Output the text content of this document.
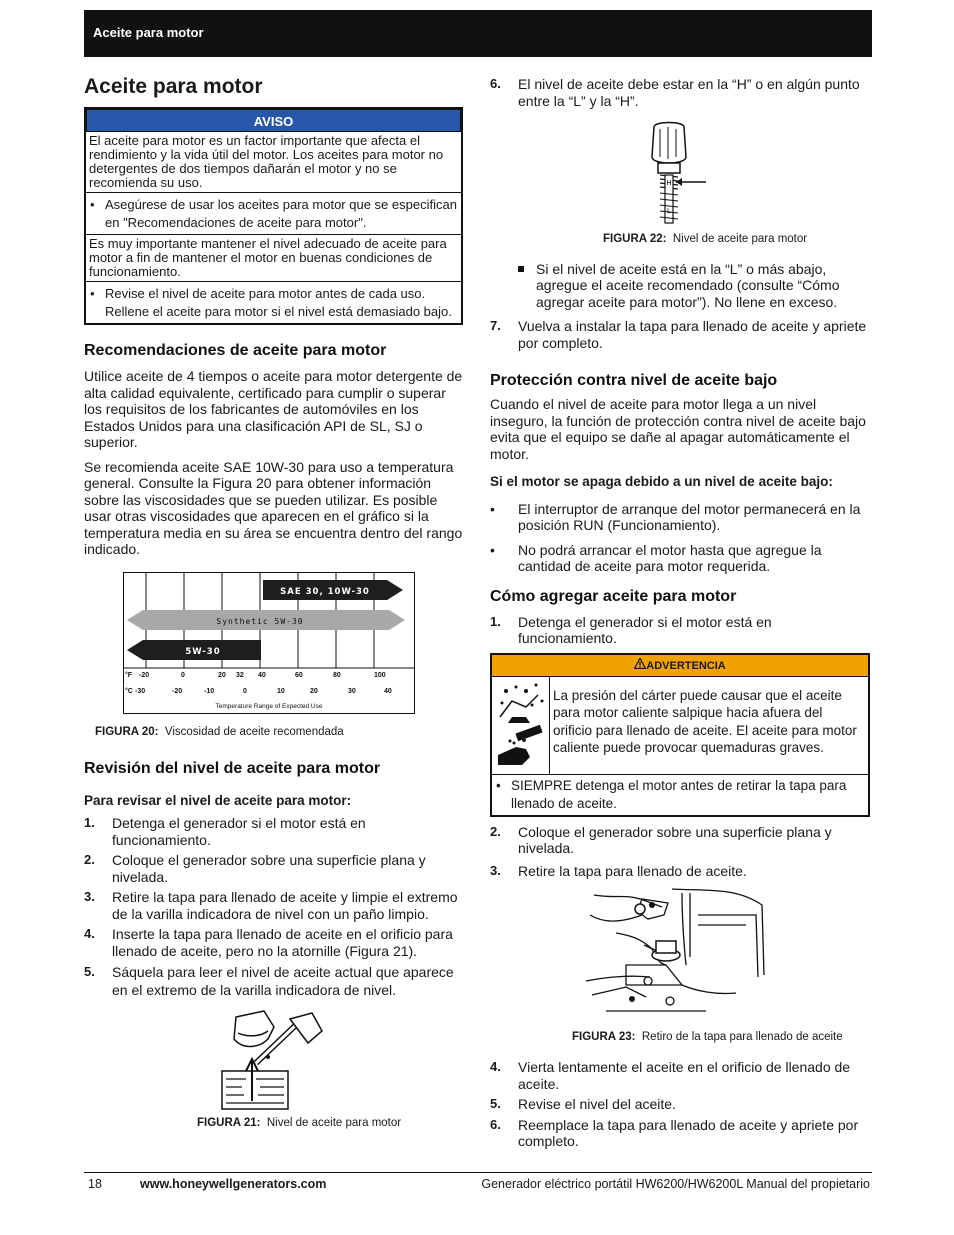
Aceite para motor
Aceite para motor
AVISO
El aceite para motor es un factor importante que afecta el rendimiento y la vida útil del motor. Los aceites para motor no detergentes de dos tiempos dañarán el motor y no se recomienda su uso.
• Asegúrese de usar los aceites para motor que se especifican en "Recomendaciones de aceite para motor".
Es muy importante mantener el nivel adecuado de aceite para motor a fin de mantener el motor en buenas condiciones de funcionamiento.
• Revise el nivel de aceite para motor antes de cada uso. Rellene el aceite para motor si el nivel está demasiado bajo.
Recomendaciones de aceite para motor

Utilice aceite de 4 tiempos o aceite para motor detergente de alta calidad equivalente, certificado para cumplir o superar los requisitos de los fabricantes de automóviles en los Estados Unidos para una clasificación API de SL, SJ o superior.

Se recomienda aceite SAE 10W-30 para uso a temperatura general. Consulte la Figura 20 para obtener información sobre las viscosidades que se pueden utilizar. Es posible usar otras viscosidades que aparecen en el gráfico si la temperatura media en su área se encuentra dentro del rango indicado.

SAE 30, 10W-30
Synthetic 5W-30
5W-30
°F -20	0	20 32 40	60	80	100
°C -30	-20	-10	0	10	20	30	40
Temperature Range of Expected Use
FIGURA 20: Viscosidad de aceite recomendada
Revisión del nivel de aceite para motor

Para revisar el nivel de aceite para motor:

1. Detenga el generador si el motor está en funcionamiento.
2. Coloque el generador sobre una superficie plana y nivelada.
3. Retire la tapa para llenado de aceite y limpie el extremo de la varilla indicadora de nivel con un paño limpio.
4. Inserte la tapa para llenado de aceite en el orificio para llenado de aceite, pero no la atornille (Figura 21).
5. Sáquela para leer el nivel de aceite actual que aparece en el extremo de la varilla indicadora de nivel.
FIGURA 21: Nivel de aceite para motor
6. El nivel de aceite debe estar en la “H” o en algún punto entre la “L” y la “H”.
H
L
FIGURA 22: Nivel de aceite para motor
Si el nivel de aceite está en la “L” o más abajo, agregue el aceite recomendado (consulte “Cómo agregar aceite para motor”). No llene en exceso.
7. Vuelva a instalar la tapa para llenado de aceite y apriete por completo.
Protección contra nivel de aceite bajo

Cuando el nivel de aceite para motor llega a un nivel inseguro, la función de protección contra nivel de aceite bajo evita que el equipo se dañe al apagar automáticamente el motor.

Si el motor se apaga debido a un nivel de aceite bajo:

• El interruptor de arranque del motor permanecerá en la posición RUN (Funcionamiento).
• No podrá arrancar el motor hasta que agregue la cantidad de aceite para motor requerida.
Cómo agregar aceite para motor
1. Detenga el generador si el motor está en funcionamiento.
ADVERTENCIA
La presión del cárter puede causar que el aceite para motor caliente salpique hacia afuera del orificio para llenado de aceite. El aceite para motor caliente puede provocar quemaduras graves.
• SIEMPRE detenga el motor antes de retirar la tapa para llenado de aceite.
2. Coloque el generador sobre una superficie plana y nivelada.
3. Retire la tapa para llenado de aceite.
FIGURA 23: Retiro de la tapa para llenado de aceite
4. Vierta lentamente el aceite en el orificio de llenado de aceite.
5. Revise el nivel del aceite.
6. Reemplace la tapa para llenado de aceite y apriete por completo.
18	www.honeywellgenerators.com	Generador eléctrico portátil HW6200/HW6200L Manual del propietario
